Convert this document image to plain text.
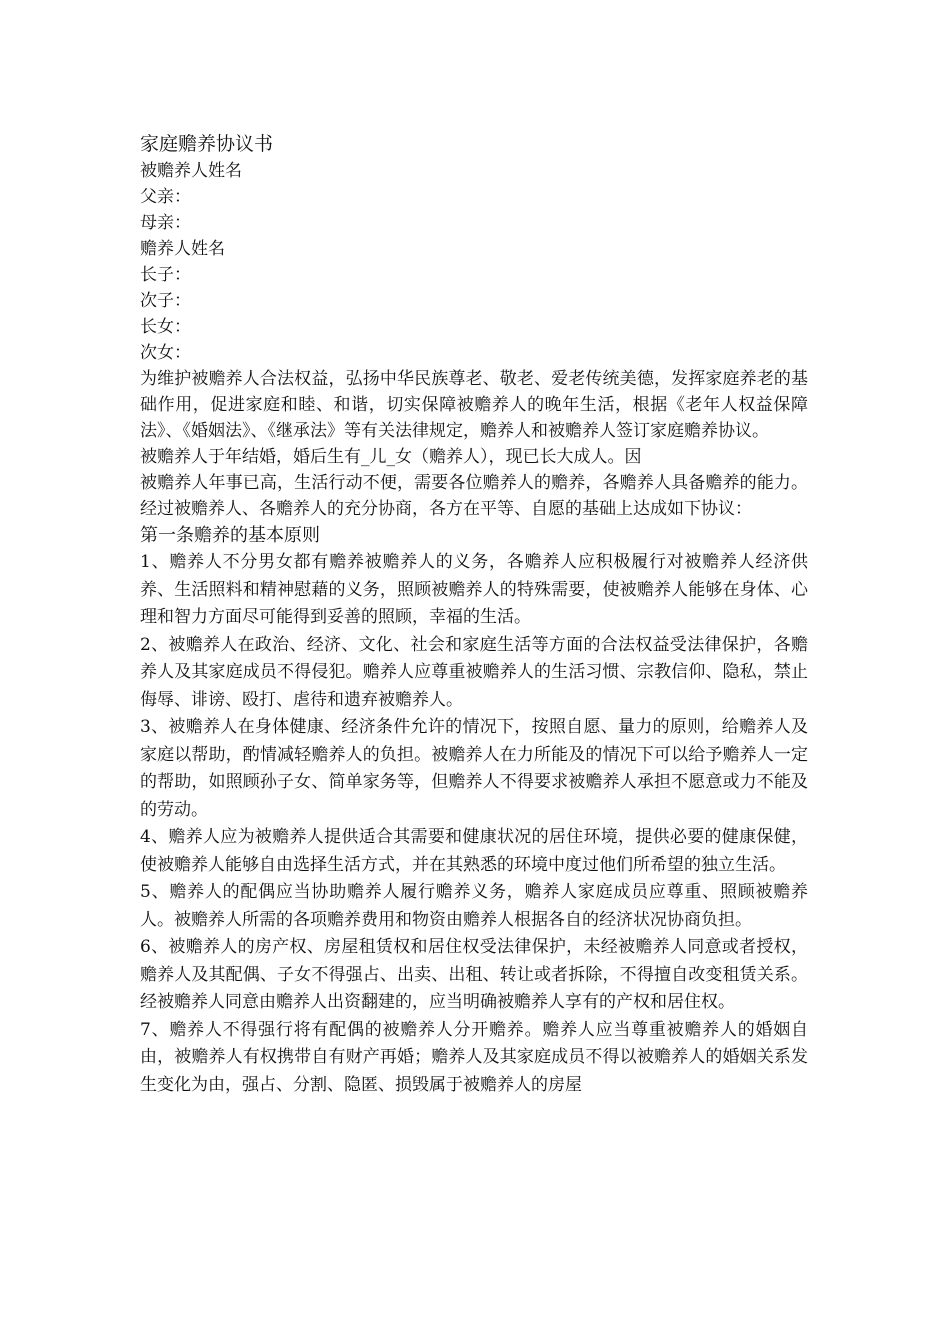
家庭赡养协议书

被赡养人姓名

父亲：

母亲：

赡养人姓名

长子：

次子：

长女：

次女：

为维护被赡养人合法权益，弘扬中华民族尊老、敬老、爱老传统美德，发挥家庭养老的基础作用，促进家庭和睦、和谐，切实保障被赡养人的晚年生活，根据《老年人权益保障法》、《婚姻法》、《继承法》等有关法律规定，赡养人和被赡养人签订家庭赡养协议。

被赡养人于年结婚，婚后生有_儿_女（赡养人），现已长大成人。因

被赡养人年事已高，生活行动不便，需要各位赡养人的赡养，各赡养人具备赡养的能力。经过被赡养人、各赡养人的充分协商，各方在平等、自愿的基础上达成如下协议：

第一条赡养的基本原则

1、赡养人不分男女都有赡养被赡养人的义务，各赡养人应积极履行对被赡养人经济供养、生活照料和精神慰藉的义务，照顾被赡养人的特殊需要，使被赡养人能够在身体、心理和智力方面尽可能得到妥善的照顾，幸福的生活。

2、被赡养人在政治、经济、文化、社会和家庭生活等方面的合法权益受法律保护，各赡养人及其家庭成员不得侵犯。赡养人应尊重被赡养人的生活习惯、宗教信仰、隐私，禁止侮辱、诽谤、殴打、虐待和遗弃被赡养人。

3、被赡养人在身体健康、经济条件允许的情况下，按照自愿、量力的原则，给赡养人及家庭以帮助，酌情减轻赡养人的负担。被赡养人在力所能及的情况下可以给予赡养人一定的帮助，如照顾孙子女、简单家务等，但赡养人不得要求被赡养人承担不愿意或力不能及的劳动。

4、赡养人应为被赡养人提供适合其需要和健康状况的居住环境，提供必要的健康保健，使被赡养人能够自由选择生活方式，并在其熟悉的环境中度过他们所希望的独立生活。

5、赡养人的配偶应当协助赡养人履行赡养义务，赡养人家庭成员应尊重、照顾被赡养人。被赡养人所需的各项赡养费用和物资由赡养人根据各自的经济状况协商负担。

6、被赡养人的房产权、房屋租赁权和居住权受法律保护，未经被赡养人同意或者授权，赡养人及其配偶、子女不得强占、出卖、出租、转让或者拆除，不得擅自改变租赁关系。经被赡养人同意由赡养人出资翻建的，应当明确被赡养人享有的产权和居住权。

7、赡养人不得强行将有配偶的被赡养人分开赡养。赡养人应当尊重被赡养人的婚姻自由，被赡养人有权携带自有财产再婚；赡养人及其家庭成员不得以被赡养人的婚姻关系发生变化为由，强占、分割、隐匿、损毁属于被赡养人的房屋
